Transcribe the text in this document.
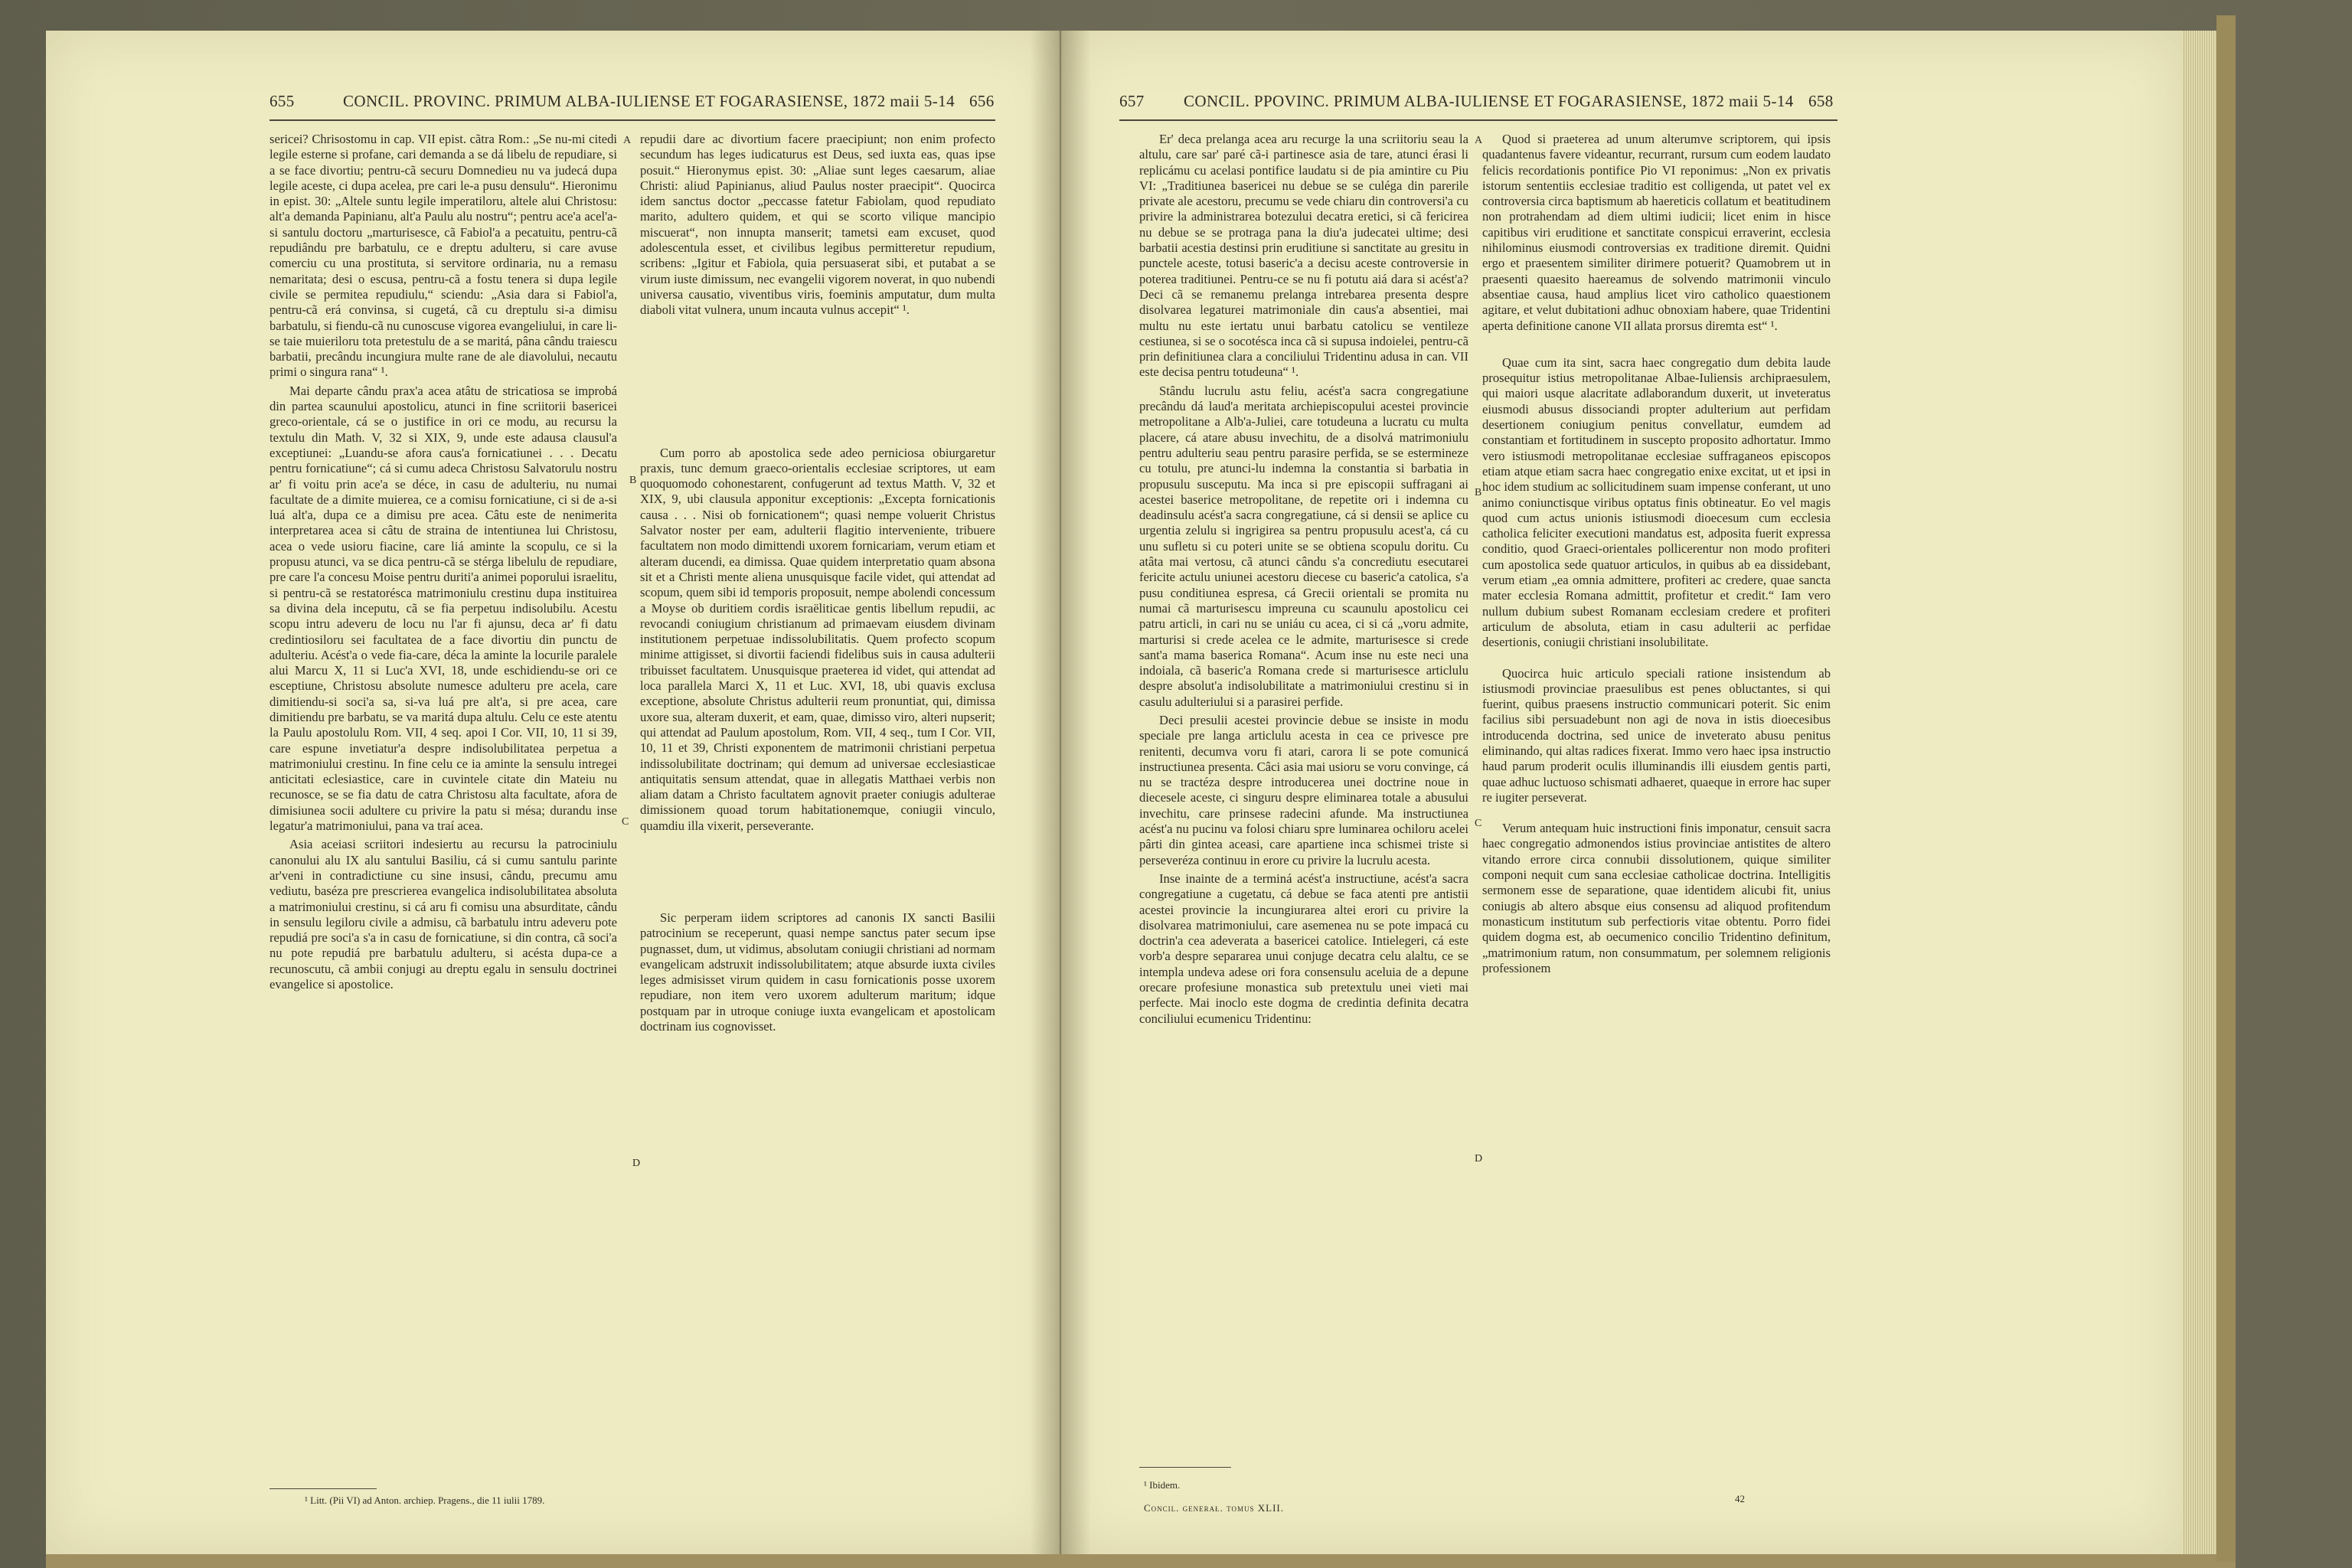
655	CONCIL. PROVINC. PRIMUM ALBA-IULIENSE ET FOGARASIENSE, 1872 maii 5-14 656

sericei? Chrisostomu in cap. VII epist. cãtra Rom.: „Se nu-mi citedi legile esterne si profane, cari demanda a se dá libelu de repudiare, si a se face divortiu; pentru-cã securu Domnedieu nu va judecá dupa legile aceste, ci dupa acelea, pre cari le-a pusu densulu“. Hieronimu in epist. 30: „Altele suntu legile imperatiloru, altele alui Christosu: alt'a demanda Papinianu, alt'a Paulu alu nostru“; pentru ace'a acel'a-si santulu doctoru „marturisesce, cã Fabiol'a a pecatuitu, pentru-cã repudiându pre barbatulu, ce e dreptu adulteru, si care avuse comerciu cu una prostituta, si servitore ordinaria, nu a remasu nemaritata; desi o escusa, pentru-cã a fostu tenera si dupa legile civile se permitea repudiulu,“ sciendu: „Asia dara si Fabiol'a, pentru-cã erá convinsa, si cugetá, cã cu dreptulu si-a dimisu barbatulu, si fiendu-cã nu cunoscuse vigorea evangeliului, in care li-se taie muieriloru tota pretestulu de a se maritá, pâna cându traiescu barbatii, precându incungiura multe rane de ale diavolului, necautu primi o singura rana“ ¹.

Mai departe cându prax'a acea atâtu de stricatiosa se improbá din partea scaunului apostolicu, atunci in fine scriitorii basericei greco-orientale, cá se o justifice in ori ce modu, au recursu la textulu din Math. V, 32 si XIX, 9, unde este adausa clausul'a exceptiunei: „Luandu-se afora caus'a fornicatiunei . . . Decatu pentru fornicatiune“; cá si cumu adeca Christosu Salvatorulu nostru ar' fi voitu prin ace'a se déce, in casu de adulteriu, nu numai facultate de a dimite muierea, ce a comisu fornicatiune, ci si de a-si luá alt'a, dupa ce a dimisu pre acea. Câtu este de nenimerita interpretarea acea si câtu de straina de intentiunea lui Christosu, acea o vede usioru fiacine, care liá aminte la scopulu, ce si la propusu atunci, va se dica pentru-cã se stérga libelulu de repudiare, pre care l'a concesu Moise pentru duriti'a animei poporului israelitu, si pentru-cã se restatoréscа matrimoniulu crestinu dupa instituirea sa divina dela inceputu, cã se fia perpetuu indisolubilu. Acestu scopu intru adeveru de locu nu l'ar fi ajunsu, deca ar' fi datu credintiosiloru sei facultatea de a face divortiu din punctu de adulteriu. Acést'a o vede fia-care, déca la aminte la locurile paralele alui Marcu X, 11 si Luc'a XVI, 18, unde eschidiendu-se ori ce esceptiune, Christosu absolute numesce adulteru pre acela, care dimitiendu-si soci'a sa, si-va luá pre alt'a, si pre acea, care dimitiendu pre barbatu, se va maritá dupa altulu. Celu ce este atentu la Paulu apostolulu Rom. VII, 4 seq. apoi I Cor. VII, 10, 11 si 39, care espune invetiatur'a despre indisolubilitatea perpetua a matrimoniului crestinu. In fine celu ce ia aminte la sensulu intregei anticitati eclesiastice, care in cuvintele citate din Mateiu nu recunosce, se se fia datu de catra Christosu alta facultate, afora de dimisiunea socii adultere cu privire la patu si mésa; durandu inse legatur'a matrimoniului, pana va traí acea.

Asia aceiasi scriitori indesiertu au recursu la patrociniulu canonului alu IX alu santului Basiliu, cá si cumu santulu parinte ar'veni in contradictiune cu sine insusi, cându, precumu amu vediutu, baséza pre prescrierea evangelica indisolubilitatea absoluta a matrimoniului crestinu, si cá aru fi comisu una absurditate, cându in sensulu legiloru civile a admisu, cã barbatulu intru adeveru pote repudiá pre soci'a s'a in casu de fornicatiune, si din contra, cã soci'a nu pote repudiá pre barbatulu adulteru, si acésta dupa-ce a recunoscutu, cã ambii conjugi au dreptu egalu in sensulu doctrinei evangelice si apostolice.

repudii dare ac divortium facere praecipiunt; non enim profecto secundum has leges iudicaturus est Deus, sed iuxta eas, quas ipse posuit.“ Hieronymus epist. 30: „Aliae sunt leges caesarum, aliae Christi: aliud Papinianus, aliud Paulus noster praecipit“. Quocirca idem sanctus doctor „peccasse fatetur Fabiolam, quod repudiato marito, adultero quidem, et qui se scorto vilique mancipio miscuerat“, non innupta manserit; tametsi eam excuset, quod adolescentula esset, et civilibus legibus permitteretur repudium, scribens: „Igitur et Fabiola, quia persuaserat sibi, et putabat a se virum iuste dimissum, nec evangelii vigorem noverat, in quo nubendi universa causatio, viventibus viris, foeminis amputatur, dum multa diaboli vitat vulnera, unum incauta vulnus accepit“ ¹.

Cum porro ab apostolica sede adeo perniciosa obiurgaretur praxis, tunc demum graeco-orientalis ecclesiae scriptores, ut eam quoquomodo cohonestarent, confugerunt ad textus Matth. V, 32 et XIX, 9, ubi clausula apponitur exceptionis: „Excepta fornicationis causa . . . Nisi ob fornicationem“; quasi nempe voluerit Christus Salvator noster per eam, adulterii flagitio interveniente, tribuere facultatem non modo dimittendi uxorem fornicariam, verum etiam et alteram ducendi, ea dimissa. Quae quidem interpretatio quam absona sit et a Christi mente aliena unusquisque facile videt, qui attendat ad scopum, quem sibi id temporis proposuit, nempe abolendi concessum a Moyse ob duritiem cordis israëliticae gentis libellum repudii, ac revocandi coniugium christianum ad primaevam eiusdem divinam institutionem perpetuae indissolubilitatis. Quem profecto scopum minime attigisset, si divortii faciendi fidelibus suis in causa adulterii tribuisset facultatem. Unusquisque praeterea id videt, qui attendat ad loca parallela Marci X, 11 et Luc. XVI, 18, ubi quavis exclusa exceptione, absolute Christus adulterii reum pronuntiat, qui, dimissa uxore sua, alteram duxerit, et eam, quae, dimisso viro, alteri nupserit; qui attendat ad Paulum apostolum, Rom. VII, 4 seq., tum I Cor. VII, 10, 11 et 39, Christi exponentem de matrimonii christiani perpetua indissolubilitate doctrinam; qui demum ad universae ecclesiasticae antiquitatis sensum attendat, quae in allegatis Matthaei verbis non aliam datam a Christo facultatem agnovit praeter coniugis adulterae dimissionem quoad torum habitationemque, coniugii vinculo, quamdiu illa vixerit, perseverante.

Sic perperam iidem scriptores ad canonis IX sancti Basilii patrocinium se receperunt, quasi nempe sanctus pater secum ipse pugnasset, dum, ut vidimus, absolutam coniugii christiani ad normam evangelicam adstruxit indissolubilitatem; atque absurde iuxta civiles leges admisisset virum quidem in casu fornicationis posse uxorem repudiare, non item vero uxorem adulterum maritum; idque postquam par in utroque coniuge iuxta evangelicam et apostolicam doctrinam ius cognovisset.

A
B
C
D
¹ Litt. (Pii VI) ad Anton. archiep. Pragens., die 11 iulii 1789.
657 CONCIL. PPOVINC. PRIMUM ALBA-IULIENSE ET FOGARASIENSE, 1872 maii 5-14 658

Er' deca prelanga acea aru recurge la una scriitoriu seau la altulu, care sar' paré cã-i partinesce asia de tare, atunci érasi li replicámu cu acelasi pontifice laudatu si de pia amintire cu Piu VI: „Traditiunea basericei nu debue se se culéga din parerile private ale acestoru, precumu se vede chiaru din controversi'a cu privire la administrarea botezului decatra eretici, si cã fericirea nu debue se se protraga pana la diu'a judecatei ultime; desi barbatii acestia destinsi prin eruditiune si sanctitate au gresitu in punctele aceste, totusi baseric'a a decisu aceste controversie in poterea traditiunei. Pentru-ce se nu fi potutu aiá dara si acést'a? Deci cã se remanemu prelanga intrebarea presenta despre disolvarea legaturei matrimoniale din caus'a absentiei, mai multu nu este iertatu unui barbatu catolicu se ventileze cestiunea, si se o socotésca inca cã si supusa indoielei, pentru-cã prin definitiunea clara a conciliului Tridentinu adusa in can. VII este decisa pentru totudeuna“ ¹.

Stându lucrulu astu feliu, acést'a sacra congregatiune precându dá laud'a meritata archiepiscopului acestei provincie metropolitane a Alb'a-Juliei, care totudeuna a lucratu cu multa placere, cá atare abusu invechitu, de a disolvá matrimoniulu pentru adulteriu seau pentru parasire perfida, se se estermineze cu totulu, pre atunci-lu indemna la constantia si barbatia in propusulu susceputu. Ma inca si pre episcopii suffragani ai acestei baserice metropolitane, de repetite ori i indemna cu deadinsulu acést'a sacra congregatiune, cá si densii se aplice cu urgentia zelulu si ingrigirea sa pentru propusulu acest'a, cá cu unu sufletu si cu poteri unite se se obtiena scopulu doritu. Cu atâta mai vertosu, cã atunci cându s'a concrediutu esecutarei fericite actulu uniunei acestoru diecese cu baseric'a catolica, s'a pusu conditiunea espresa, cá Grecii orientali se promita nu numai cã marturisescu impreuna cu scaunulu apostolicu cei patru articli, in cari nu se uniáu cu acea, ci si cá „voru admite, marturisi si crede acelea ce le admite, marturisesce si crede sant'a mama baserica Romana“. Acum inse nu este neci una indoiala, cã baseric'a Romana crede si marturisesce articlulu despre absolut'a indisolubilitate a matrimoniului crestinu si in casulu adulteriului si a parasirei perfide.

Deci presulii acestei provincie debue se insiste in modu speciale pre langa articlulu acesta in cea ce privesce pre renitenti, decumva voru fi atari, carora li se pote comunicá instructiunea presenta. Câci asia mai usioru se voru convinge, cá nu se tractéza despre introducerea unei doctrine noue in diecesele aceste, ci singuru despre eliminarea totale a abusului invechitu, care prinsese radecini afunde. Ma instructiunea acést'a nu pucinu va folosi chiaru spre luminarea ochiloru acelei pârti din gintea aceasi, care apartiene inca schismei triste si perseveréza continuu in erore cu privire la lucrulu acesta.

Inse inainte de a terminá acést'a instructiune, acést'a sacra congregatiune a cugetatu, cá debue se faca atenti pre antistii acestei provincie la incungiurarea altei erori cu privire la disolvarea matrimoniului, care asemenea nu se pote impacá cu doctrin'a cea adeverata a basericei catolice. Intielegeri, cá este vorb'a despre separarea unui conjuge decatra celu alaltu, ce se intempla undeva adese ori fora consensulu aceluia de a depune orecare profesiune monastica sub pretextulu unei vieti mai perfecte. Mai inoclo este dogma de credintia definita decatra conciliului ecumenicu Tridentinu:

Quod si praeterea ad unum alterumve scriptorem, qui ipsis quadantenus favere videantur, recurrant, rursum cum eodem laudato felicis recordationis pontifice Pio VI reponimus: „Non ex privatis istorum sententiis ecclesiae traditio est colligenda, ut patet vel ex controversia circa baptismum ab haereticis collatum et beatitudinem non protrahendam ad diem ultimi iudicii; licet enim in hisce capitibus viri eruditione et sanctitate conspicui erraverint, ecclesia nihilominus eiusmodi controversias ex traditione diremit. Quidni ergo et praesentem similiter dirimere potuerit? Quamobrem ut in praesenti quaesito haereamus de solvendo matrimonii vinculo absentiae causa, haud amplius licet viro catholico quaestionem agitare, et velut dubitationi adhuc obnoxiam habere, quae Tridentini aperta definitione canone VII allata prorsus diremta est“ ¹.

Quae cum ita sint, sacra haec congregatio dum debita laude prosequitur istius metropolitanae Albae-Iuliensis archipraesulem, qui maiori usque alacritate adlaborandum duxerit, ut inveteratus eiusmodi abusus dissociandi propter adulterium aut perfidam desertionem coniugium penitus convellatur, eumdem ad constantiam et fortitudinem in suscepto proposito adhortatur. Immo vero istiusmodi metropolitanae ecclesiae suffraganeos episcopos etiam atque etiam sacra haec congregatio enixe excitat, ut et ipsi in hoc idem studium ac sollicitudinem suam impense conferant, ut uno animo coniunctisque viribus optatus finis obtineatur. Eo vel magis quod cum actus unionis istiusmodi dioecesum cum ecclesia catholica feliciter executioni mandatus est, adposita fuerit expressa conditio, quod Graeci-orientales pollicerentur non modo profiteri cum apostolica sede quatuor articulos, in quibus ab ea dissidebant, verum etiam „ea omnia admittere, profiteri ac credere, quae sancta mater ecclesia Romana admittit, profitetur et credit.“ Iam vero nullum dubium subest Romanam ecclesiam credere et profiteri articulum de absoluta, etiam in casu adulterii ac perfidae desertionis, coniugii christiani insolubilitate.

Quocirca huic articulo speciali ratione insistendum ab istiusmodi provinciae praesulibus est penes obluctantes, si qui fuerint, quibus praesens instructio communicari poterit. Sic enim facilius sibi persuadebunt non agi de nova in istis dioecesibus introducenda doctrina, sed unice de inveterato abusu penitus eliminando, qui altas radices fixerat. Immo vero haec ipsa instructio haud parum proderit oculis illuminandis illi eiusdem gentis parti, quae adhuc luctuoso schismati adhaeret, quaeque in errore hac super re iugiter perseverat.

Verum antequam huic instructioni finis imponatur, censuit sacra haec congregatio admonendos istius provinciae antistites de altero vitando errore circa connubii dissolutionem, quique similiter componi nequit cum sana ecclesiae catholicae doctrina. Intelligitis sermonem esse de separatione, quae identidem alicubi fit, unius coniugis ab altero absque eius consensu ad aliquod profitendum monasticum institutum sub perfectioris vitae obtentu. Porro fidei quidem dogma est, ab oecumenico concilio Tridentino definitum, „matrimonium ratum, non consummatum, per solemnem religionis professionem

A
B
C
D
¹ Ibidem.
Concil. generał. tomus XLII.
42
